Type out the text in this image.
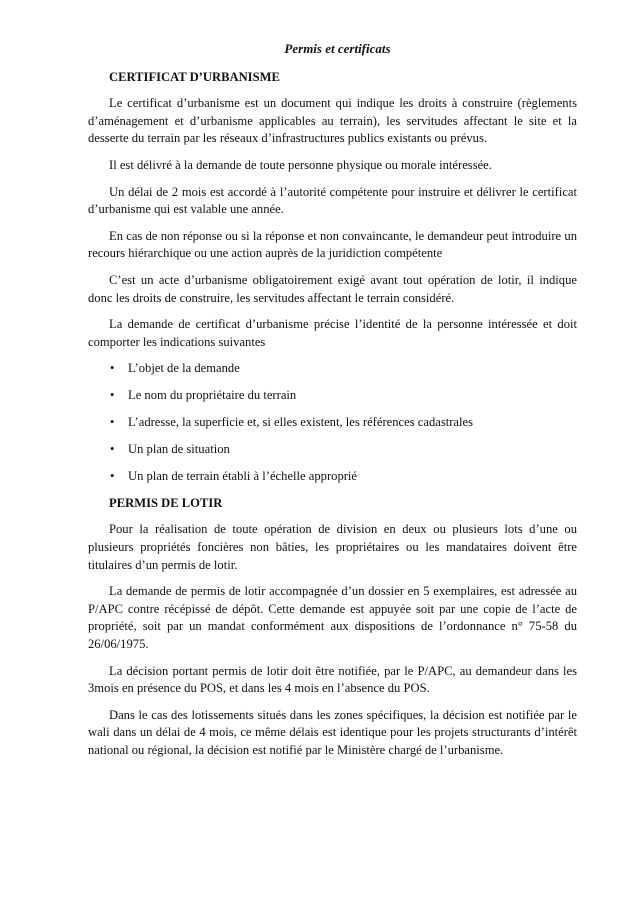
Permis et certificats
CERTIFICAT D’URBANISME

Le certificat d’urbanisme est un document qui indique les droits à construire (règlements d’aménagement et d’urbanisme applicables au terrain), les servitudes affectant le site et la desserte du terrain par les réseaux d’infrastructures publics existants ou prévus.

Il est délivré à la demande de toute personne physique ou morale intéressée.

Un délai de 2 mois est accordé à l’autorité compétente pour instruire et délivrer le certificat d’urbanisme qui est valable une année.

En cas de non réponse ou si la réponse et non convaincante, le demandeur peut introduire un recours hiérarchique ou une action auprès de la juridiction compétente

C’est un acte d’urbanisme obligatoirement exigé avant tout opération de lotir, il indique donc les droits de construire, les servitudes affectant le terrain considéré.

La demande de certificat d’urbanisme précise l’identité de la personne intéressée et doit comporter les indications suivantes

• L’objet de la demande
• Le nom du propriétaire du terrain
• L’adresse, la superficie et, si elles existent, les références cadastrales
• Un plan de situation
• Un plan de terrain établi à l’échelle approprié
PERMIS DE LOTIR

Pour la réalisation de toute opération de division en deux ou plusieurs lots d’une ou plusieurs propriétés foncières non bâties, les propriétaires ou les mandataires doivent être titulaires d’un permis de lotir.

La demande de permis de lotir accompagnée d’un dossier en 5 exemplaires, est adressée au P/APC contre récépissé de dépôt. Cette demande est appuyée soit par une copie de l’acte de propriété, soit par un mandat conformément aux dispositions de l’ordonnance n° 75-58 du 26/06/1975.

La décision portant permis de lotir doit être notifiée, par le P/APC, au demandeur dans les 3mois en présence du POS, et dans les 4 mois en l’absence du POS.

Dans le cas des lotissements situés dans les zones spécifiques, la décision est notifiée par le wali dans un délai de 4 mois, ce même délais est identique pour les projets structurants d’intérêt national ou régional, la décision est notifié par le Ministère chargé de l’urbanisme.
